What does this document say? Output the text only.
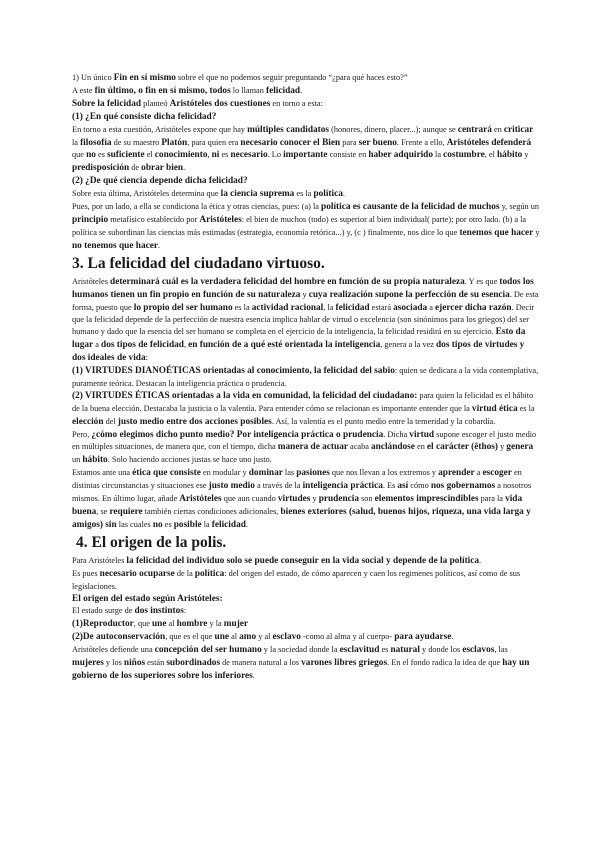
1) Un único Fin en sí mismo sobre el que no podemos seguir preguntando “¿para qué haces esto?”

A este fin último, o fin en sí mismo, todos lo llaman felicidad.

Sobre la felicidad planteó Aristóteles dos cuestiones en torno a esta:

(1) ¿En qué consiste dicha felicidad?

En torno a esta cuestión, Aristóteles expone que hay múltiples candidatos (honores, dinero, placer...); aunque se centrará en criticar la filosofía de su maestro Platón, para quien era necesario conocer el Bien para ser bueno. Frente a ello, Aristóteles defenderá que no es suficiente el conocimiento, ni es necesario. Lo importante consiste en haber adquirido la costumbre, el hábito y predisposición de obrar bien.

(2) ¿De qué ciencia depende dicha felicidad?

Sobre esta última, Aristóteles determina que la ciencia suprema es la política.

Pues, por un lado, a ella se condiciona la ética y otras ciencias, pues: (a) la política es causante de la felicidad de muchos y, según un principio metafísico establecido por Aristóteles: el bien de muchos (todo) es superior al bien individual( parte); por otro lado. (b) a la política se subordinan las ciencias más estimadas (estrategia, economía retórica...) y, (c ) finalmente, nos dice lo que tenemos que hacer y no tenemos que hacer.

3. La felicidad del ciudadano virtuoso.

Aristóteles determinará cuál es la verdadera felicidad del hombre en función de su propia naturaleza. Y es que todos los humanos tienen un fin propio en función de su naturaleza y cuya realización supone la perfección de su esencia. De esta forma, puesto que lo propio del ser humano es la actividad racional, la felicidad estará asociada a ejercer dicha razón. Decir que la felicidad depende de la perfección de nuestra esencia implica hablar de virtud o excelencia (son sinónimos para los griegos) del ser humano y dado que la esencia del ser humano se completa en el ejercicio de la inteligencia, la felicidad residirá en su ejercicio. Esto da lugar a dos tipos de felicidad, en función de a qué esté orientada la inteligencia, genera a la vez dos tipos de virtudes y dos ideales de vida:

(1) VIRTUDES DIANOÉTICAS orientadas al conocimiento, la felicidad del sabio: quien se dedicara a la vida contemplativa, puramente teórica. Destacan la inteligencia práctica o prudencia.

(2) VIRTUDES ÉTICAS orientadas a la vida en comunidad, la felicidad del ciudadano: para quien la felicidad es el hábito de la buena elección. Destacaba la justicia o la valentía. Para entender cómo se relacionan es importante entender que la virtud ética es la elección del justo medio entre dos acciones posibles. Así, la valentía es el punto medio entre la temeridad y la cobardía.

Pero, ¿cómo elegimos dicho punto medio? Por inteligencia práctica o prudencia. Dicha virtud supone escoger el justo medio en múltiples situaciones, de manera que, con el tiempo, dicha manera de actuar acaba anclándose en el carácter (êthos) y genera un hábito. Solo haciendo acciones justas se hace uno justo.

Estamos ante una ética que consiste en modular y dominar las pasiones que nos llevan a los extremos y aprender a escoger en distintas circunstancias y situaciones ese justo medio a través de la inteligencia práctica. Es así cómo nos gobernamos a nosotros mismos. En último lugar, añade Aristóteles que aun cuando virtudes y prudencia son elementos imprescindibles para la vida buena, se requiere también ciertas condiciones adicionales, bienes exteriores (salud, buenos hijos, riqueza, una vida larga y amigos) sin las cuales no es posible la felicidad.

4. El origen de la polis.

Para Aristóteles la felicidad del individuo solo se puede conseguir en la vida social y depende de la política.

Es pues necesario ocuparse de la política: del origen del estado, de cómo aparecen y caen los regimenes políticos, así como de sus legislaciones.

El origen del estado según Aristóteles:

El estado surge de dos instintos:

(1)Reproductor, que une al hombre y la mujer

(2)De autoconservación, que es el que une al amo y al esclavo -como al alma y al cuerpo- para ayudarse.

Aristóteles defiende una concepción del ser humano y la sociedad donde la esclavitud es natural y donde los esclavos, las mujeres y los niños están subordinados de manera natural a los varones libres griegos. En el fondo radica la idea de que hay un gobierno de los superiores sobre los inferiores.
